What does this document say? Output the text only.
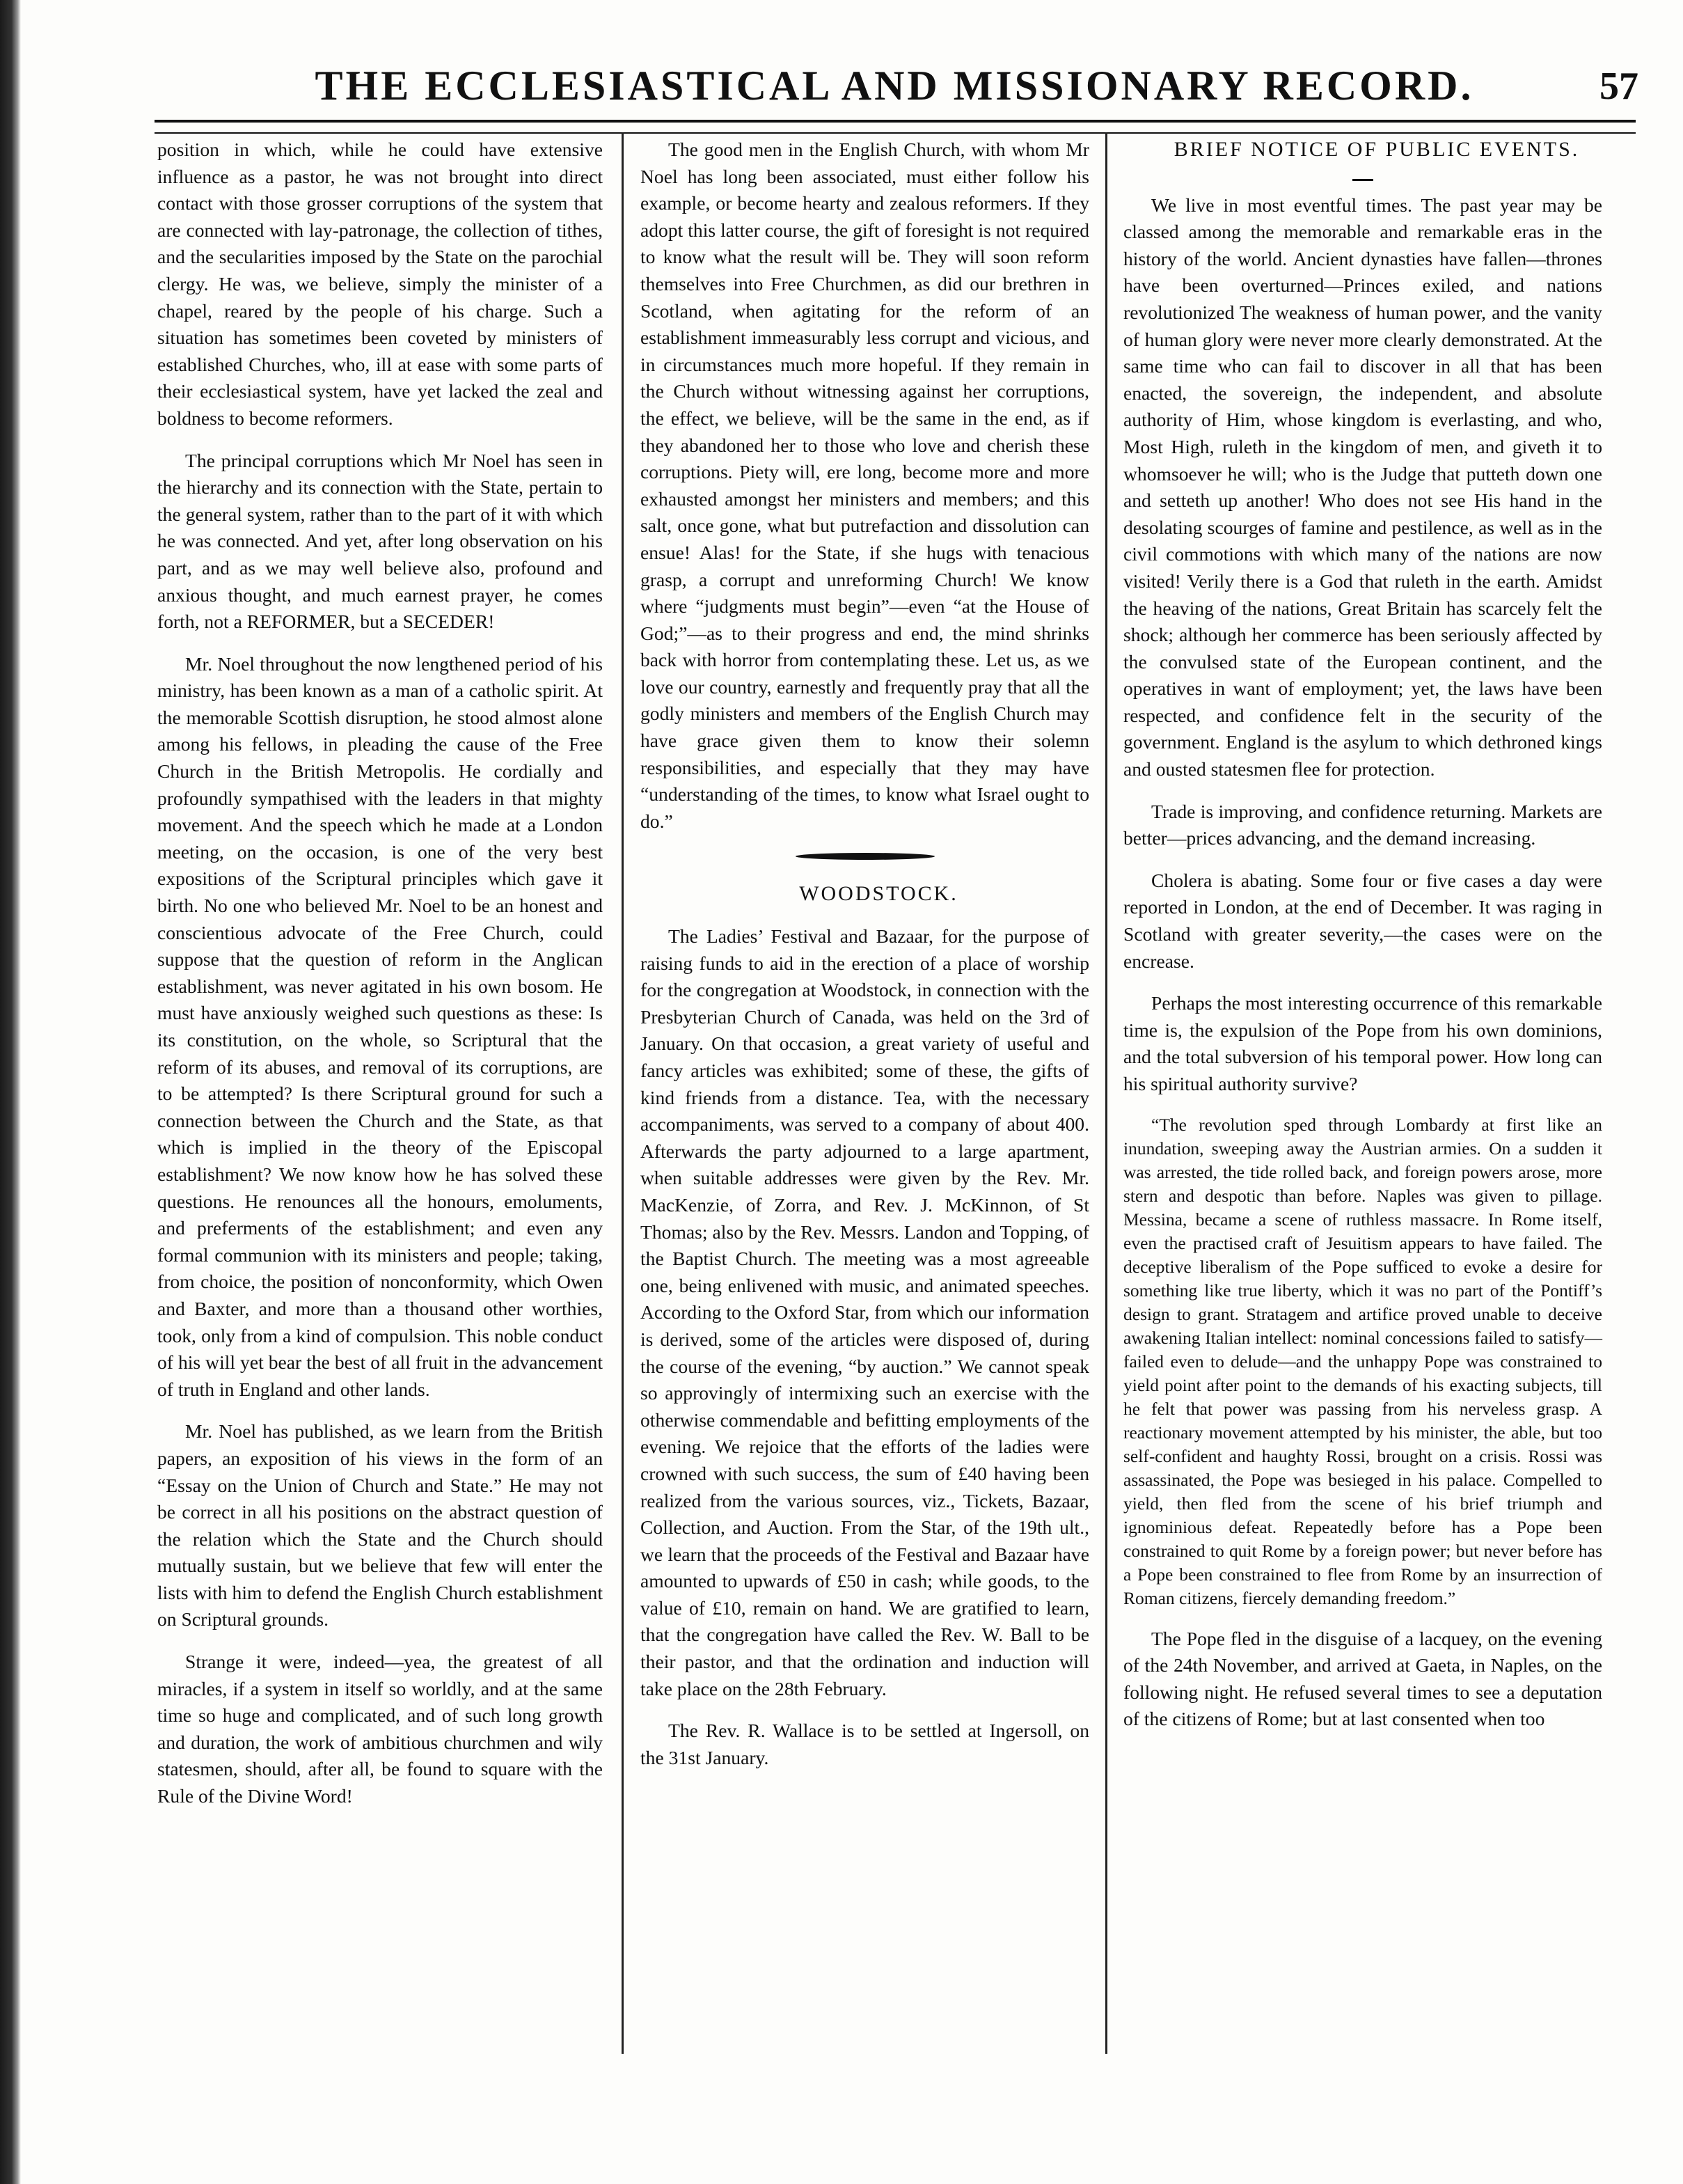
THE ECCLESIASTICAL AND MISSIONARY RECORD.	57

position in which, while he could have extensive influence as a pastor, he was not brought into direct contact with those grosser corruptions of the system that are connected with lay-patronage, the collection of tithes, and the secularities imposed by the State on the parochial clergy. He was, we believe, simply the minister of a chapel, reared by the people of his charge. Such a situation has sometimes been coveted by ministers of established Churches, who, ill at ease with some parts of their ecclesiastical system, have yet lacked the zeal and boldness to become reformers.

The principal corruptions which Mr Noel has seen in the hierarchy and its connection with the State, pertain to the general system, rather than to the part of it with which he was connected. And yet, after long observation on his part, and as we may well believe also, profound and anxious thought, and much earnest prayer, he comes forth, not a REFORMER, but a SECEDER!

Mr. Noel throughout the now lengthened period of his ministry, has been known as a man of a catholic spirit. At the memorable Scottish disruption, he stood almost alone among his fellows, in pleading the cause of the Free Church in the British Metropolis. He cordially and profoundly sympathised with the leaders in that mighty movement. And the speech which he made at a London meeting, on the occasion, is one of the very best expositions of the Scriptural principles which gave it birth. No one who believed Mr. Noel to be an honest and conscientious advocate of the Free Church, could suppose that the question of reform in the Anglican establishment, was never agitated in his own bosom. He must have anxiously weighed such questions as these: Is its constitution, on the whole, so Scriptural that the reform of its abuses, and removal of its corruptions, are to be attempted? Is there Scriptural ground for such a connection between the Church and the State, as that which is implied in the theory of the Episcopal establishment? We now know how he has solved these questions. He renounces all the honours, emoluments, and preferments of the establishment; and even any formal communion with its ministers and people; taking, from choice, the position of nonconformity, which Owen and Baxter, and more than a thousand other worthies, took, only from a kind of compulsion. This noble conduct of his will yet bear the best of all fruit in the advancement of truth in England and other lands.

Mr. Noel has published, as we learn from the British papers, an exposition of his views in the form of an “Essay on the Union of Church and State.” He may not be correct in all his positions on the abstract question of the relation which the State and the Church should mutually sustain, but we believe that few will enter the lists with him to defend the English Church establishment on Scriptural grounds.

Strange it were, indeed—yea, the greatest of all miracles, if a system in itself so worldly, and at the same time so huge and complicated, and of such long growth and duration, the work of ambitious churchmen and wily statesmen, should, after all, be found to square with the Rule of the Divine Word!

The good men in the English Church, with whom Mr Noel has long been associated, must either follow his example, or become hearty and zealous reformers. If they adopt this latter course, the gift of foresight is not required to know what the result will be. They will soon reform themselves into Free Churchmen, as did our brethren in Scotland, when agitating for the reform of an establishment immeasurably less corrupt and vicious, and in circumstances much more hopeful. If they remain in the Church without witnessing against her corruptions, the effect, we believe, will be the same in the end, as if they abandoned her to those who love and cherish these corruptions. Piety will, ere long, become more and more exhausted amongst her ministers and members; and this salt, once gone, what but putrefaction and dissolution can ensue! Alas! for the State, if she hugs with tenacious grasp, a corrupt and unreforming Church! We know where “judgments must begin”—even “at the House of God;”—as to their progress and end, the mind shrinks back with horror from contemplating these. Let us, as we love our country, earnestly and frequently pray that all the godly ministers and members of the English Church may have grace given them to know their solemn responsibilities, and especially that they may have “understanding of the times, to know what Israel ought to do.”

WOODSTOCK.

The Ladies’ Festival and Bazaar, for the purpose of raising funds to aid in the erection of a place of worship for the congregation at Woodstock, in connection with the Presbyterian Church of Canada, was held on the 3rd of January. On that occasion, a great variety of useful and fancy articles was exhibited; some of these, the gifts of kind friends from a distance. Tea, with the necessary accompaniments, was served to a company of about 400. Afterwards the party adjourned to a large apartment, when suitable addresses were given by the Rev. Mr. MacKenzie, of Zorra, and Rev. J. McKinnon, of St Thomas; also by the Rev. Messrs. Landon and Topping, of the Baptist Church. The meeting was a most agreeable one, being enlivened with music, and animated speeches. According to the Oxford Star, from which our information is derived, some of the articles were disposed of, during the course of the evening, “by auction.” We cannot speak so approvingly of intermixing such an exercise with the otherwise commendable and befitting employments of the evening. We rejoice that the efforts of the ladies were crowned with such success, the sum of £40 having been realized from the various sources, viz., Tickets, Bazaar, Collection, and Auction. From the Star, of the 19th ult., we learn that the proceeds of the Festival and Bazaar have amounted to upwards of £50 in cash; while goods, to the value of £10, remain on hand. We are gratified to learn, that the congregation have called the Rev. W. Ball to be their pastor, and that the ordination and induction will take place on the 28th February.

The Rev. R. Wallace is to be settled at Ingersoll, on the 31st January.

BRIEF NOTICE OF PUBLIC EVENTS.

We live in most eventful times. The past year may be classed among the memorable and remarkable eras in the history of the world. Ancient dynasties have fallen—thrones have been overturned—Princes exiled, and nations revolutionized The weakness of human power, and the vanity of human glory were never more clearly demonstrated. At the same time who can fail to discover in all that has been enacted, the sovereign, the independent, and absolute authority of Him, whose kingdom is everlasting, and who, Most High, ruleth in the kingdom of men, and giveth it to whomsoever he will; who is the Judge that putteth down one and setteth up another! Who does not see His hand in the desolating scourges of famine and pestilence, as well as in the civil commotions with which many of the nations are now visited! Verily there is a God that ruleth in the earth. Amidst the heaving of the nations, Great Britain has scarcely felt the shock; although her commerce has been seriously affected by the convulsed state of the European continent, and the operatives in want of employment; yet, the laws have been respected, and confidence felt in the security of the government. England is the asylum to which dethroned kings and ousted statesmen flee for protection.

Trade is improving, and confidence returning. Markets are better—prices advancing, and the demand increasing.

Cholera is abating. Some four or five cases a day were reported in London, at the end of December. It was raging in Scotland with greater severity,—the cases were on the encrease.

Perhaps the most interesting occurrence of this remarkable time is, the expulsion of the Pope from his own dominions, and the total subversion of his temporal power. How long can his spiritual authority survive?

“The revolution sped through Lombardy at first like an inundation, sweeping away the Austrian armies. On a sudden it was arrested, the tide rolled back, and foreign powers arose, more stern and despotic than before. Naples was given to pillage. Messina, became a scene of ruthless massacre. In Rome itself, even the practised craft of Jesuitism appears to have failed. The deceptive liberalism of the Pope sufficed to evoke a desire for something like true liberty, which it was no part of the Pontiff’s design to grant. Stratagem and artifice proved unable to deceive awakening Italian intellect: nominal concessions failed to satisfy—failed even to delude—and the unhappy Pope was constrained to yield point after point to the demands of his exacting subjects, till he felt that power was passing from his nerveless grasp. A reactionary movement attempted by his minister, the able, but too self-confident and haughty Rossi, brought on a crisis. Rossi was assassinated, the Pope was besieged in his palace. Compelled to yield, then fled from the scene of his brief triumph and ignominious defeat. Repeatedly before has a Pope been constrained to quit Rome by a foreign power; but never before has a Pope been constrained to flee from Rome by an insurrection of Roman citizens, fiercely demanding freedom.”

The Pope fled in the disguise of a lacquey, on the evening of the 24th November, and arrived at Gaeta, in Naples, on the following night. He refused several times to see a deputation of the citizens of Rome; but at last consented when too
